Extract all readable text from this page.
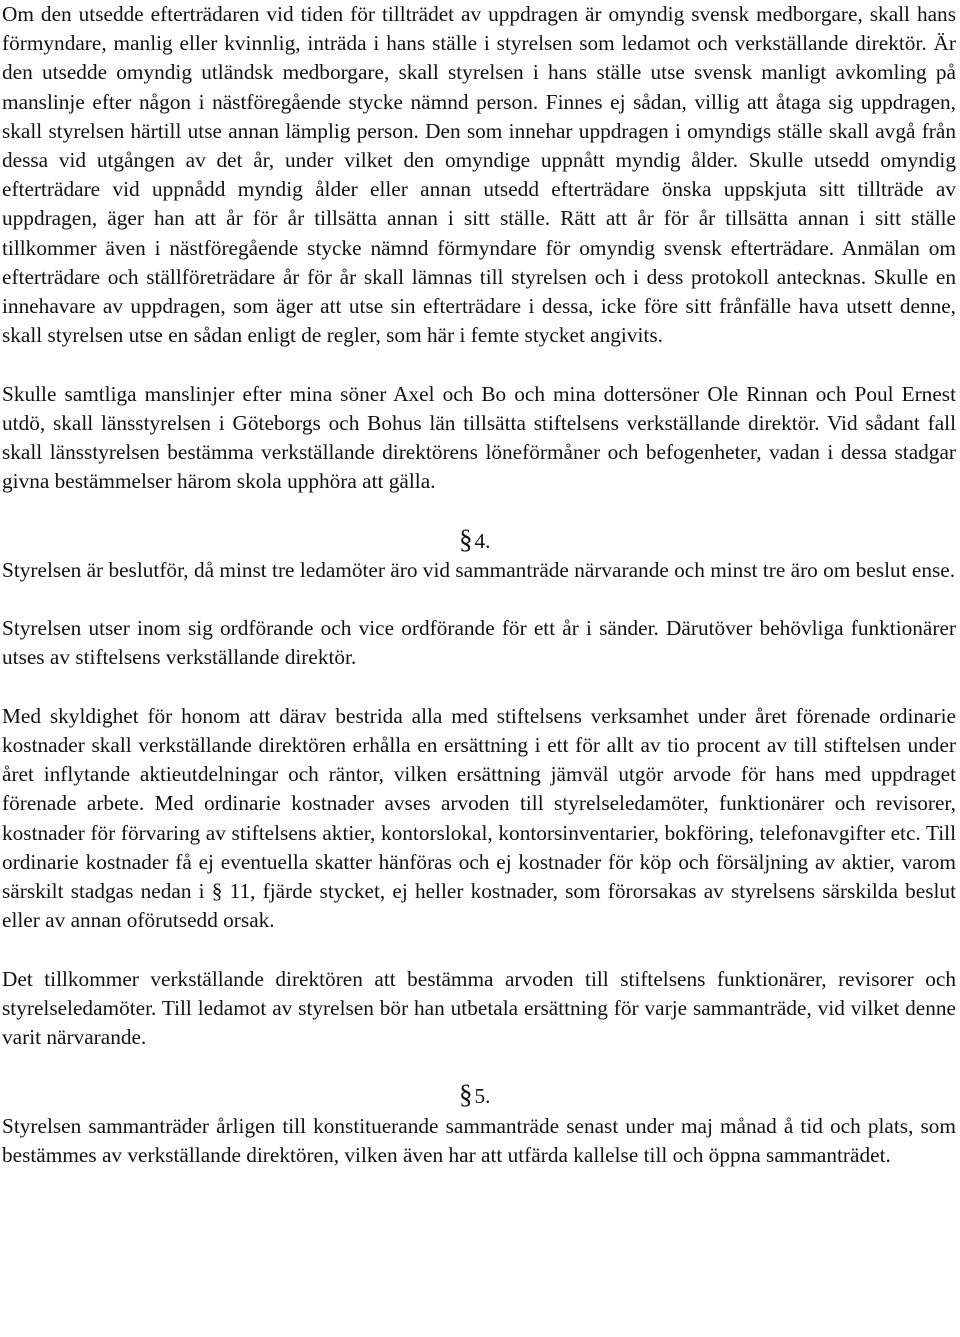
Om den utsedde efterträdaren vid tiden för tillträdet av uppdragen är omyndig svensk medborgare, skall hans förmyndare, manlig eller kvinnlig, inträda i hans ställe i styrelsen som ledamot och verkställande direktör. Är den utsedde omyndig utländsk medborgare, skall styrelsen i hans ställe utse svensk manligt avkomling på manslinje efter någon i nästföregående stycke nämnd person. Finnes ej sådan, villig att åtaga sig uppdragen, skall styrelsen härtill utse annan lämplig person. Den som innehar uppdragen i omyndigs ställe skall avgå från dessa vid utgången av det år, under vilket den omyndige uppnått myndig ålder. Skulle utsedd omyndig efterträdare vid uppnådd myndig ålder eller annan utsedd efterträdare önska uppskjuta sitt tillträde av uppdragen, äger han att år för år tillsätta annan i sitt ställe. Rätt att år för år tillsätta annan i sitt ställe tillkommer även i nästföregående stycke nämnd förmyndare för omyndig svensk efterträdare. Anmälan om efterträdare och ställföreträdare år för år skall lämnas till styrelsen och i dess protokoll antecknas. Skulle en innehavare av uppdragen, som äger att utse sin efterträdare i dessa, icke före sitt frånfälle hava utsett denne, skall styrelsen utse en sådan enligt de regler, som här i femte stycket angivits.

Skulle samtliga manslinjer efter mina söner Axel och Bo och mina dottersöner Ole Rinnan och Poul Ernest utdö, skall länsstyrelsen i Göteborgs och Bohus län tillsätta stiftelsens verkställande direktör. Vid sådant fall skall länsstyrelsen bestämma verkställande direktörens löneförmåner och befogenheter, vadan i dessa stadgar givna bestämmelser härom skola upphöra att gälla.

§4.

Styrelsen är beslutför, då minst tre ledamöter äro vid sammanträde närvarande och minst tre äro om beslut ense.

Styrelsen utser inom sig ordförande och vice ordförande för ett år i sänder. Därutöver behövliga funktionärer utses av stiftelsens verkställande direktör.

Med skyldighet för honom att därav bestrida alla med stiftelsens verksamhet under året förenade ordinarie kostnader skall verkställande direktören erhålla en ersättning i ett för allt av tio procent av till stiftelsen under året inflytande aktieutdelningar och räntor, vilken ersättning jämväl utgör arvode för hans med uppdraget förenade arbete. Med ordinarie kostnader avses arvoden till styrelseledamöter, funktionärer och revisorer, kostnader för förvaring av stiftelsens aktier, kontorslokal, kontorsinventarier, bokföring, telefonavgifter etc. Till ordinarie kostnader få ej eventuella skatter hänföras och ej kostnader för köp och försäljning av aktier, varom särskilt stadgas nedan i § 11, fjärde stycket, ej heller kostnader, som förorsakas av styrelsens särskilda beslut eller av annan oförutsedd orsak.

Det tillkommer verkställande direktören att bestämma arvoden till stiftelsens funktionärer, revisorer och styrelseledamöter. Till ledamot av styrelsen bör han utbetala ersättning för varje sammanträde, vid vilket denne varit närvarande.

§5.

Styrelsen sammanträder årligen till konstituerande sammanträde senast under maj månad å tid och plats, som bestämmes av verkställande direktören, vilken även har att utfärda kallelse till och öppna sammanträdet.
